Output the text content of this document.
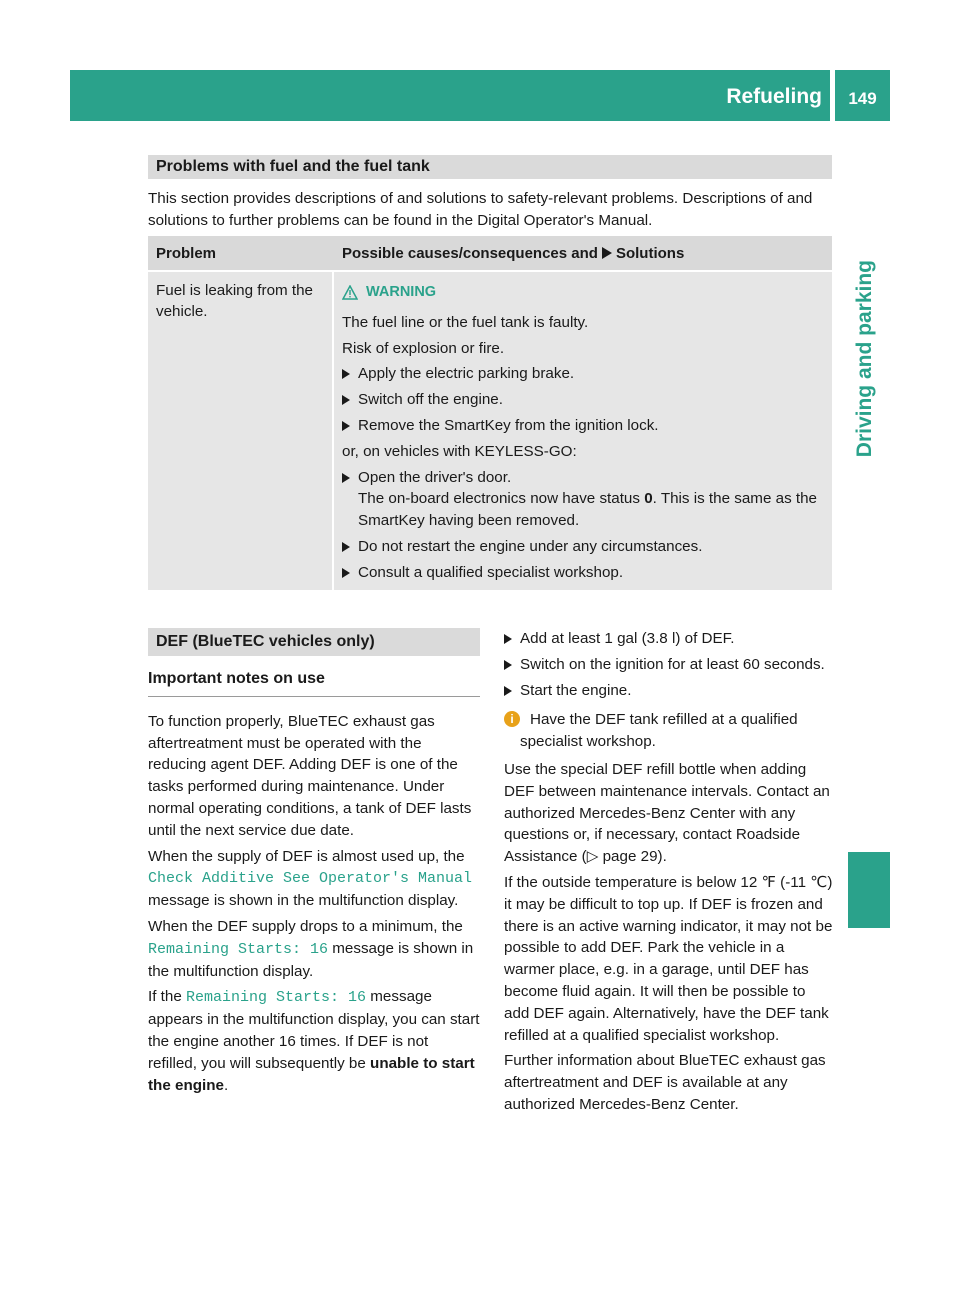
Refueling	149
Driving and parking
Problems with fuel and the fuel tank
This section provides descriptions of and solutions to safety-relevant problems. Descriptions of and solutions to further problems can be found in the Digital Operator's Manual.
Problem	Possible causes/consequences and Solutions
Fuel is leaking from the vehicle.
WARNING
The fuel line or the fuel tank is faulty.
Risk of explosion or fire.
Apply the electric parking brake.
Switch off the engine.
Remove the SmartKey from the ignition lock.
or, on vehicles with KEYLESS-GO:
Open the driver's door.
The on-board electronics now have status 0. This is the same as the SmartKey having been removed.
Do not restart the engine under any circumstances.
Consult a qualified specialist workshop.
DEF (BlueTEC vehicles only)
Important notes on use
To function properly, BlueTEC exhaust gas aftertreatment must be operated with the reducing agent DEF. Adding DEF is one of the tasks performed during maintenance. Under normal operating conditions, a tank of DEF lasts until the next service due date.
When the supply of DEF is almost used up, the Check Additive See Operator's Manual message is shown in the multifunction display.
When the DEF supply drops to a minimum, the Remaining Starts: 16 message is shown in the multifunction display.
If the Remaining Starts: 16 message appears in the multifunction display, you can start the engine another 16 times. If DEF is not refilled, you will subsequently be unable to start the engine.
Add at least 1 gal (3.8 l) of DEF.
Switch on the ignition for at least 60 seconds.
Start the engine.
i	Have the DEF tank refilled at a qualified specialist workshop.
Use the special DEF refill bottle when adding DEF between maintenance intervals. Contact an authorized Mercedes-Benz Center with any questions or, if necessary, contact Roadside Assistance (▷ page 29).
If the outside temperature is below 12 ℉ (‑11 ℃) it may be difficult to top up. If DEF is frozen and there is an active warning indicator, it may not be possible to add DEF. Park the vehicle in a warmer place, e.g. in a garage, until DEF has become fluid again. It will then be possible to add DEF again. Alternatively, have the DEF tank refilled at a qualified specialist workshop.
Further information about BlueTEC exhaust gas aftertreatment and DEF is available at any authorized Mercedes-Benz Center.
